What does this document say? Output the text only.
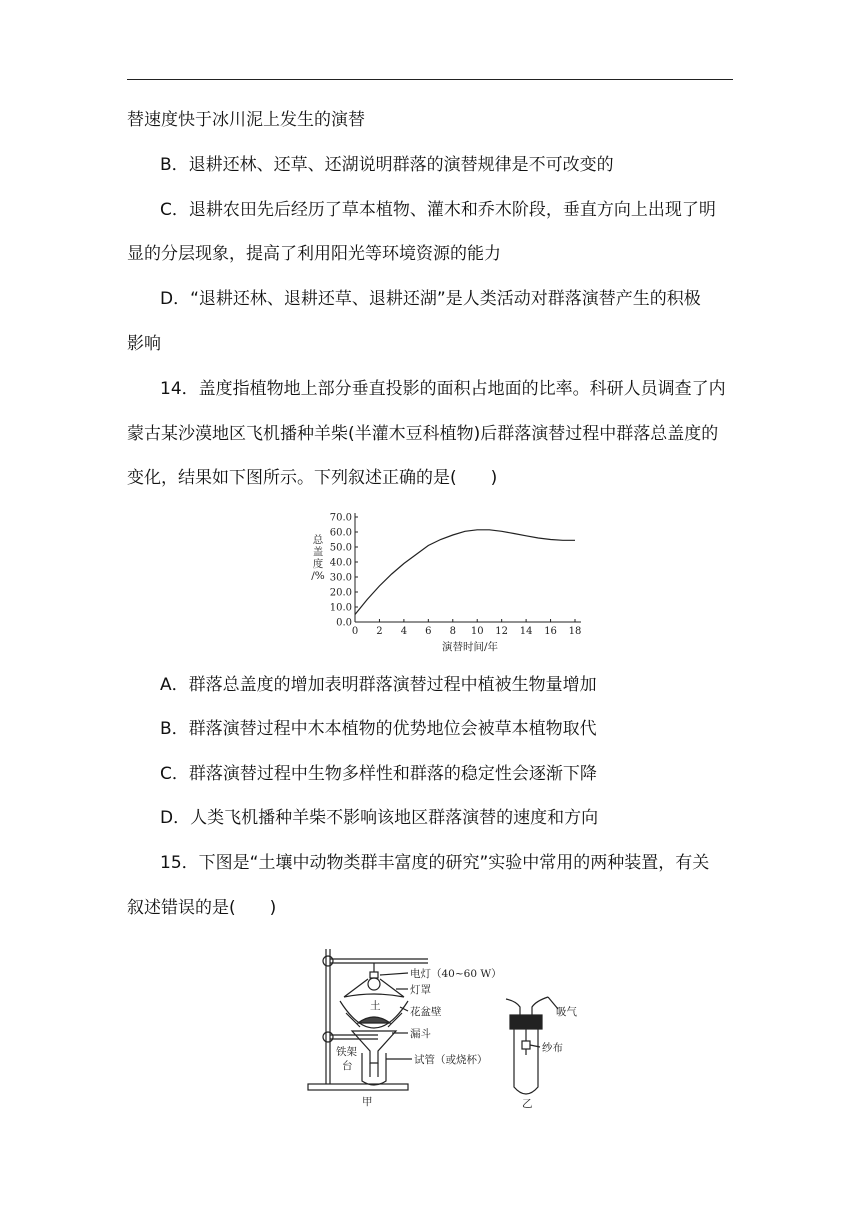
替速度快于冰川泥上发生的演替
B．退耕还林、还草、还湖说明群落的演替规律是不可改变的
C．退耕农田先后经历了草本植物、灌木和乔木阶段，垂直方向上出现了明
显的分层现象，提高了利用阳光等环境资源的能力
D．“退耕还林、退耕还草、退耕还湖”是人类活动对群落演替产生的积极
影响
14．盖度指植物地上部分垂直投影的面积占地面的比率。科研人员调查了内
蒙古某沙漠地区飞机播种羊柴(半灌木豆科植物)后群落演替过程中群落总盖度的
变化，结果如下图所示。下列叙述正确的是(　　)
0.0
10.0
20.0
30.0
40.0
50.0
60.0
70.0
0 2 4 6 8 10 12 14 16 18
演替时间/年
总
盖
度
/%
A．群落总盖度的增加表明群落演替过程中植被生物量增加
B．群落演替过程中木本植物的优势地位会被草本植物取代
C．群落演替过程中生物多样性和群落的稳定性会逐渐下降
D．人类飞机播种羊柴不影响该地区群落演替的速度和方向
15．下图是“土壤中动物类群丰富度的研究”实验中常用的两种装置，有关
叙述错误的是(　　)
电灯（40~60 W）
灯罩
土	花盆壁
漏斗
铁架
台	试管（或烧杯）
甲
吸气
纱布
乙
